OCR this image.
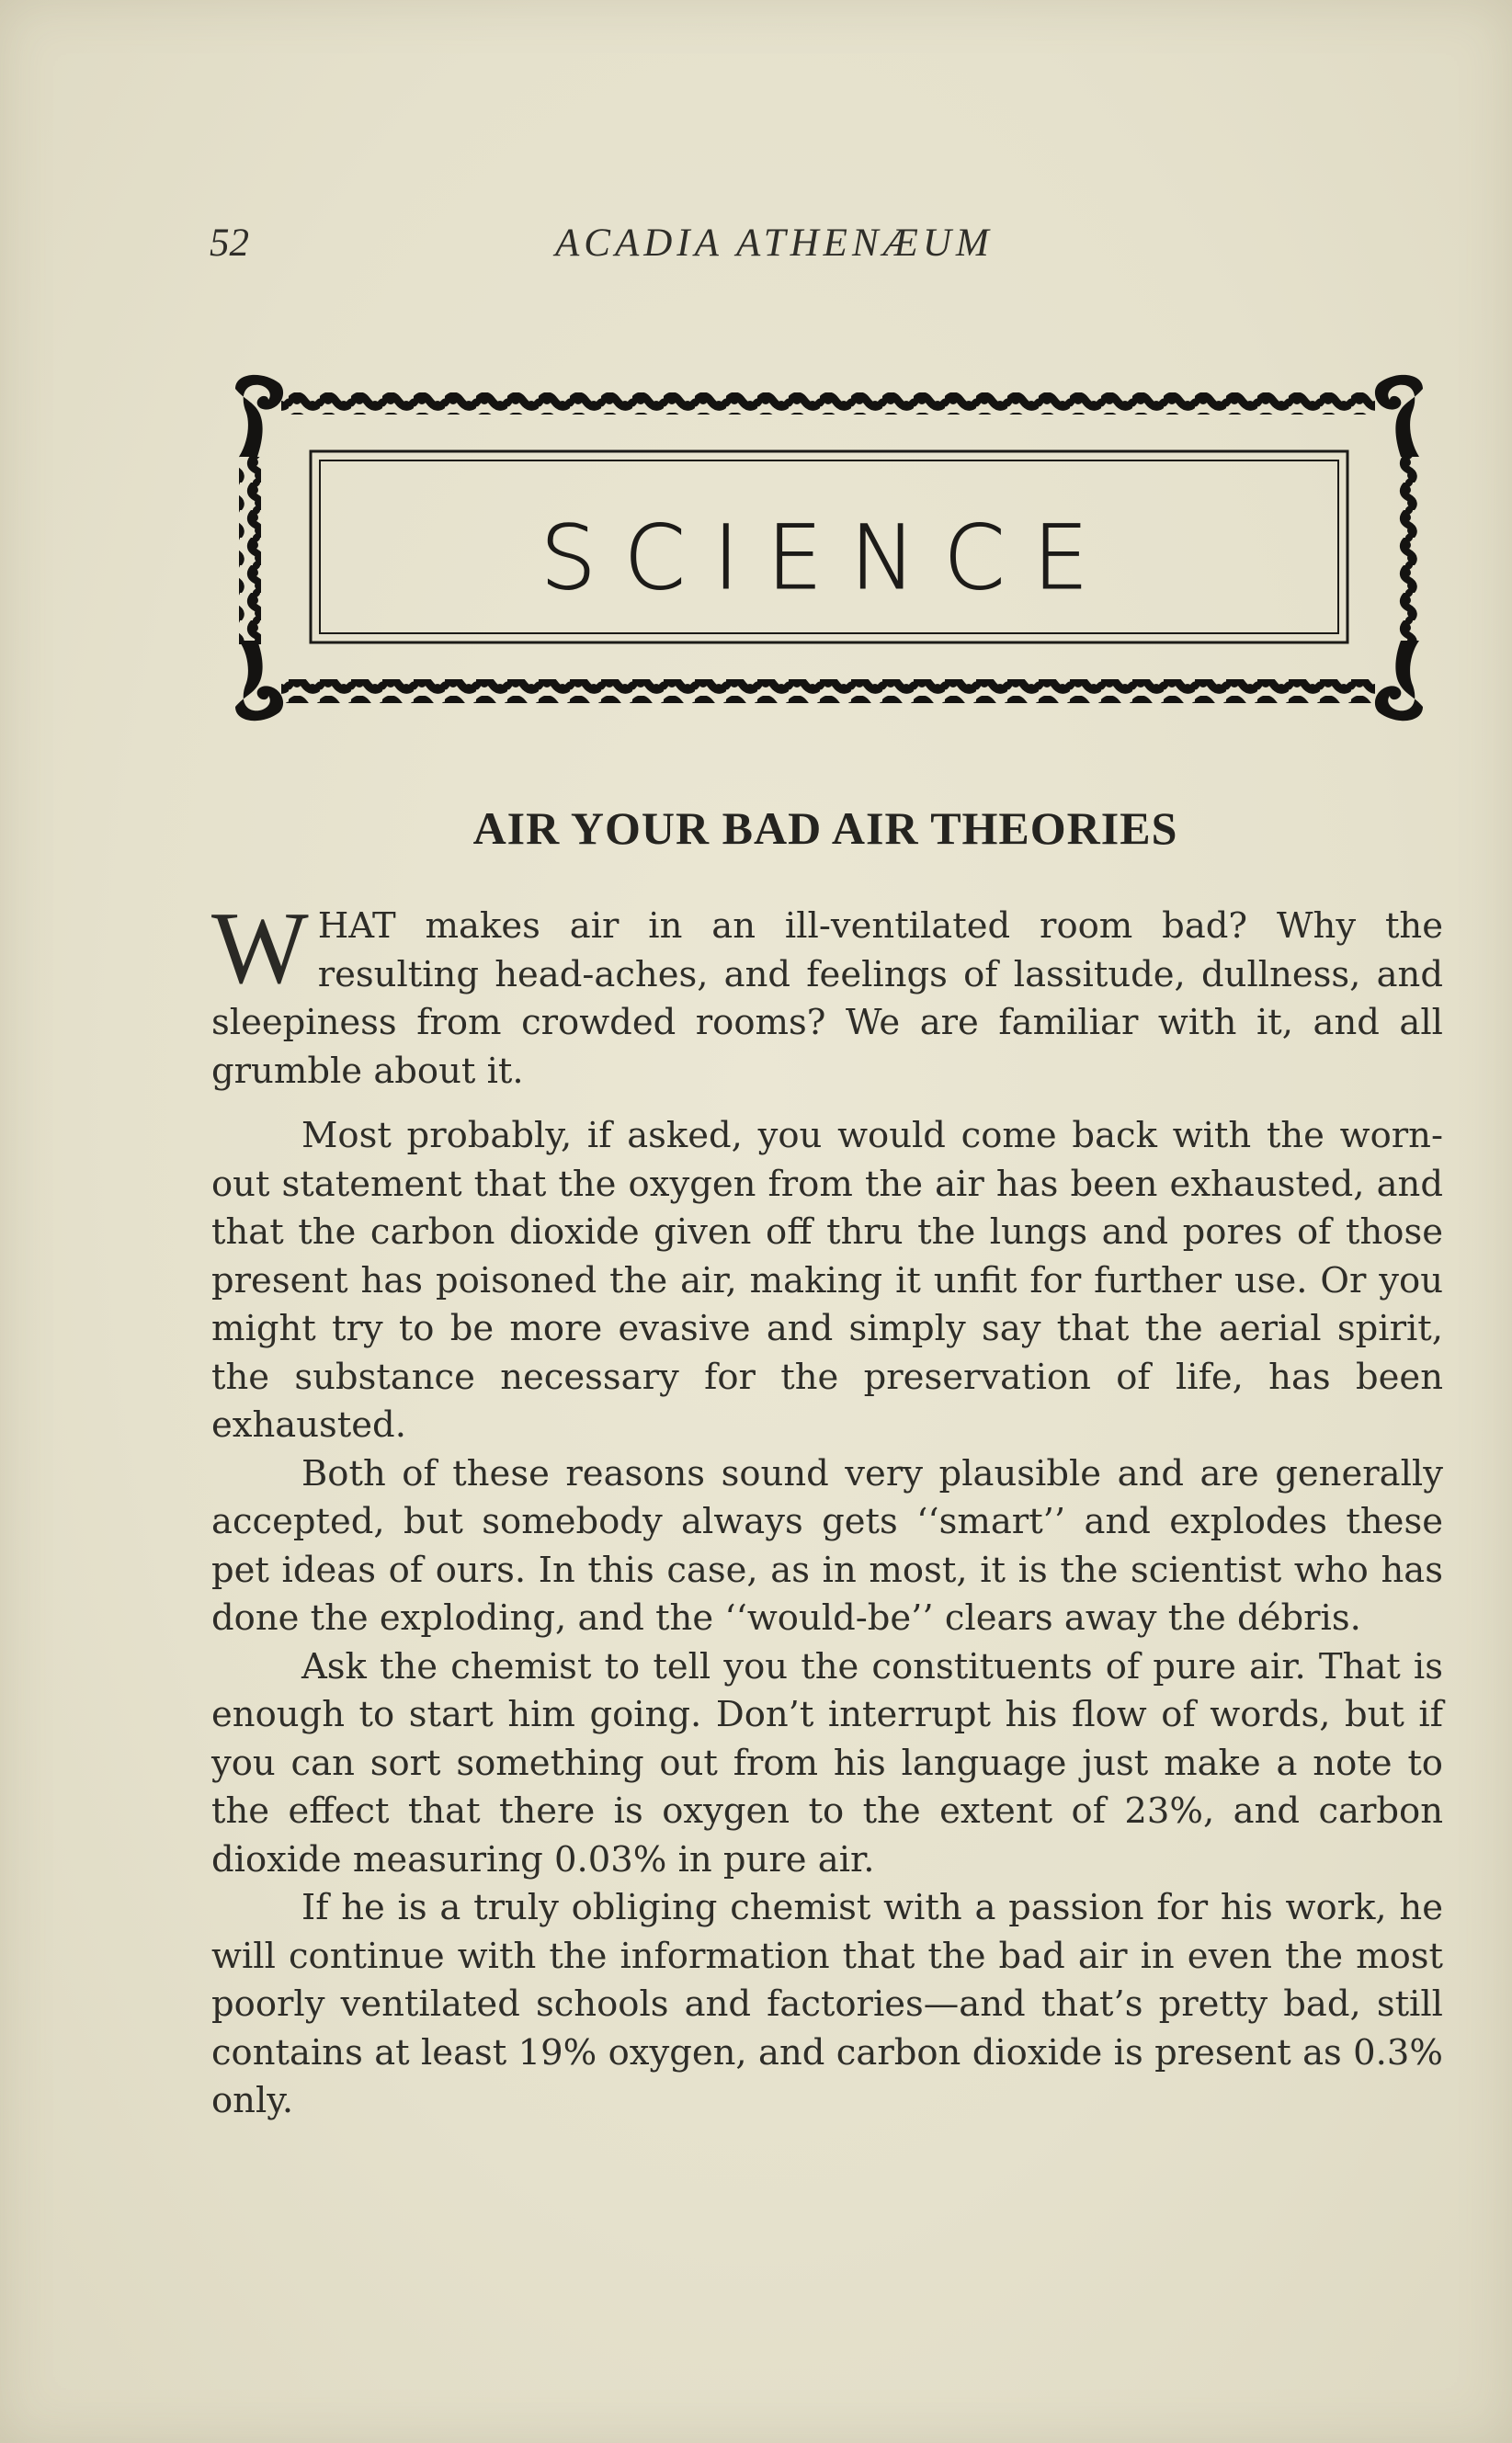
52	ACADIA ATHENÆUM
SCIENCE
AIR YOUR BAD AIR THEORIES

WHAT makes air in an ill-ventilated room bad? Why the resulting head-aches, and feelings of lassitude, dullness, and sleepiness from crowded rooms? We are familiar with it, and all grumble about it.

Most probably, if asked, you would come back with the worn-out statement that the oxygen from the air has been exhausted, and that the carbon dioxide given off thru the lungs and pores of those present has poisoned the air, making it unfit for further use. Or you might try to be more evasive and simply say that the aerial spirit, the substance necessary for the preservation of life, has been exhausted.

Both of these reasons sound very plausible and are generally accepted, but somebody always gets ‘‘smart’’ and explodes these pet ideas of ours. In this case, as in most, it is the scientist who has done the exploding, and the ‘‘would-be’’ clears away the débris.

Ask the chemist to tell you the constituents of pure air. That is enough to start him going. Don’t interrupt his flow of words, but if you can sort something out from his language just make a note to the effect that there is oxygen to the extent of 23%, and carbon dioxide measuring 0.03% in pure air.

If he is a truly obliging chemist with a passion for his work, he will continue with the information that the bad air in even the most poorly ventilated schools and factories—and that’s pretty bad, still contains at least 19% oxygen, and carbon dioxide is present as 0.3% only.
